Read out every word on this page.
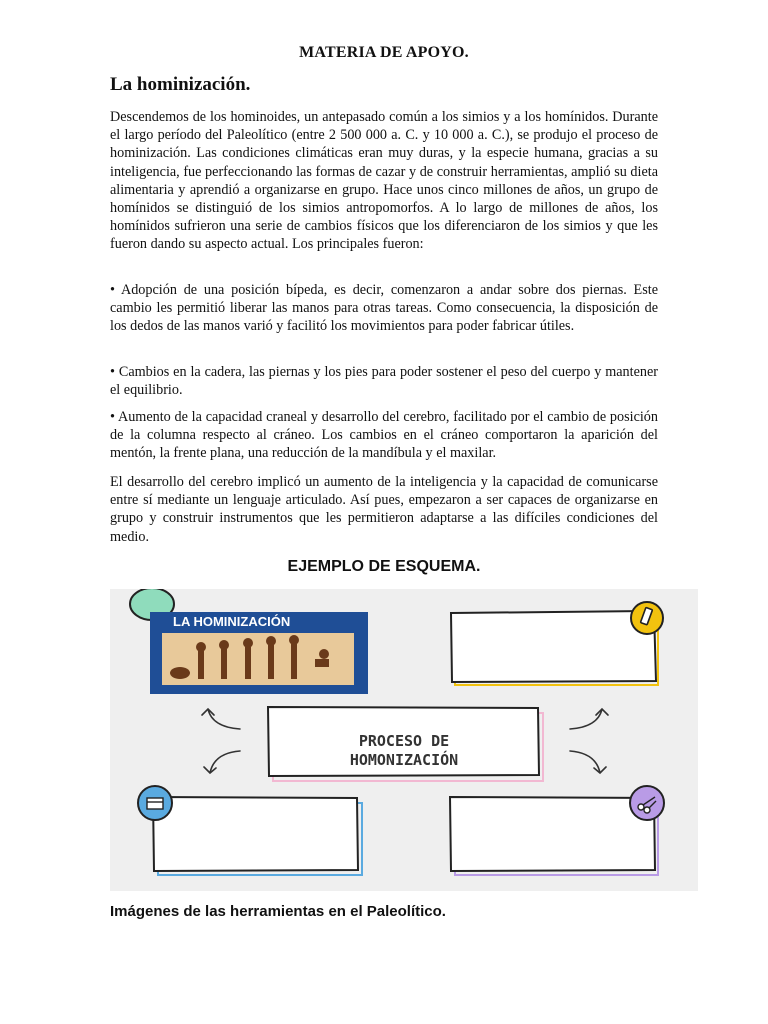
MATERIA DE APOYO.
La hominización.

Descendemos de los hominoides, un antepasado común a los simios y a los homínidos. Durante el largo período del Paleolítico (entre 2 500 000 a. C. y 10 000 a. C.), se produjo el proceso de hominización. Las condiciones climáticas eran muy duras, y la especie humana, gracias a su inteligencia, fue perfeccionando las formas de cazar y de construir herramientas, amplió su dieta alimentaria y aprendió a organizarse en grupo. Hace unos cinco millones de años, un grupo de homínidos se distinguió de los simios antropomorfos. A lo largo de millones de años, los homínidos sufrieron una serie de cambios físicos que los diferenciaron de los simios y que les fueron dando su aspecto actual. Los principales fueron:

• Adopción de una posición bípeda, es decir, comenzaron a andar sobre dos piernas. Este cambio les permitió liberar las manos para otras tareas. Como consecuencia, la disposición de los dedos de las manos varió y facilitó los movimientos para poder fabricar útiles.

• Cambios en la cadera, las piernas y los pies para poder sostener el peso del cuerpo y mantener el equilibrio.

• Aumento de la capacidad craneal y desarrollo del cerebro, facilitado por el cambio de posición de la columna respecto al cráneo. Los cambios en el cráneo comportaron la aparición del mentón, la frente plana, una reducción de la mandíbula y el maxilar.

El desarrollo del cerebro implicó un aumento de la inteligencia y la capacidad de comunicarse entre sí mediante un lenguaje articulado. Así pues, empezaron a ser capaces de organizarse en grupo y construir instrumentos que les permitieron adaptarse a las difíciles condiciones del medio.

EJEMPLO DE ESQUEMA.
LA HOMINIZACIÓN
PROCESO DE
HOMONIZACIÓN
Imágenes de las herramientas en el Paleolítico.
